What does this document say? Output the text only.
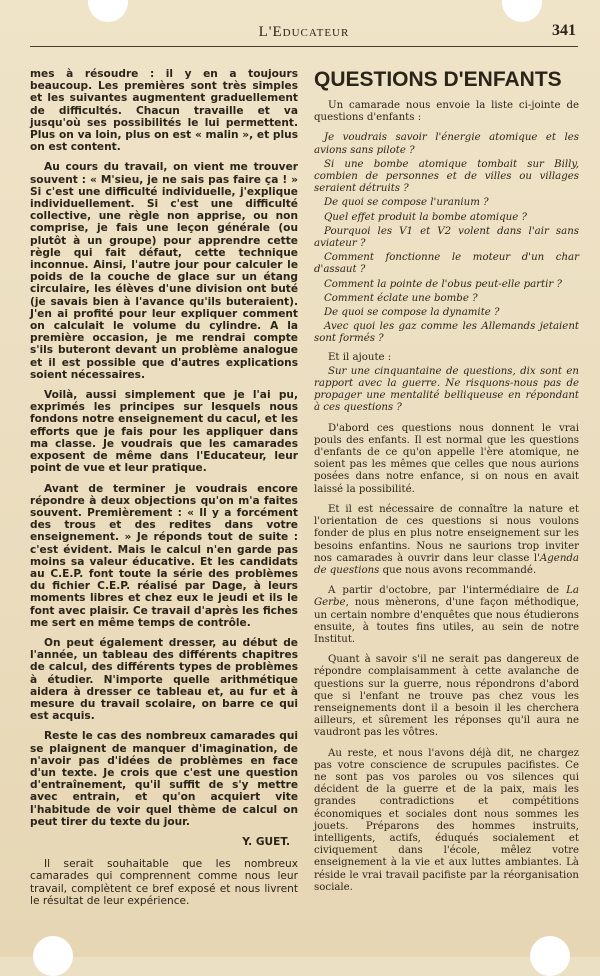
L'Educateur	341

mes à résoudre : il y en a toujours beaucoup. Les premières sont très simples et les suivantes augmentent graduellement de difficultés. Chacun travaille et va jusqu'où ses possibilités le lui permettent. Plus on va loin, plus on est « malin », et plus on est content.

Au cours du travail, on vient me trouver souvent : « M'sieu, je ne sais pas faire ça ! » Si c'est une difficulté individuelle, j'explique individuellement. Si c'est une difficulté collective, une règle non apprise, ou non comprise, je fais une leçon générale (ou plutôt à un groupe) pour apprendre cette règle qui fait défaut, cette technique inconnue. Ainsi, l'autre jour pour calculer le poids de la couche de glace sur un étang circulaire, les élèves d'une division ont buté (je savais bien à l'avance qu'ils buteraient). J'en ai profité pour leur expliquer comment on calculait le volume du cylindre. A la première occasion, je me rendrai compte s'ils buteront devant un problème analogue et il est possible que d'autres explications soient nécessaires.

Voilà, aussi simplement que je l'ai pu, exprimés les principes sur lesquels nous fondons notre enseignement du cacul, et les efforts que je fais pour les appliquer dans ma classe. Je voudrais que les camarades exposent de même dans l'Educateur, leur point de vue et leur pratique.

Avant de terminer je voudrais encore répondre à deux objections qu'on m'a faites souvent. Premièrement : « Il y a forcément des trous et des redites dans votre enseignement. » Je réponds tout de suite : c'est évident. Mais le calcul n'en garde pas moins sa valeur éducative. Et les candidats au C.E.P. font toute la série des problèmes du fichier C.E.P. réalisé par Dage, à leurs moments libres et chez eux le jeudi et ils le font avec plaisir. Ce travail d'après les fiches me sert en même temps de contrôle.

On peut également dresser, au début de l'année, un tableau des différents chapitres de calcul, des différents types de problèmes à étudier. N'importe quelle arithmétique aidera à dresser ce tableau et, au fur et à mesure du travail scolaire, on barre ce qui est acquis.

Reste le cas des nombreux camarades qui se plaignent de manquer d'imagination, de n'avoir pas d'idées de problèmes en face d'un texte. Je crois que c'est une question d'entraînement, qu'il suffit de s'y mettre avec entrain, et qu'on acquiert vite l'habitude de voir quel thème de calcul on peut tirer du texte du jour.

Y. GUET.

Il serait souhaitable que les nombreux camarades qui comprennent comme nous leur travail, complètent ce bref exposé et nous livrent le résultat de leur expérience.

QUESTIONS D'ENFANTS

Un camarade nous envoie la liste ci-jointe de questions d'enfants :

Je voudrais savoir l'énergie atomique et les avions sans pilote ?
Si une bombe atomique tombait sur Billy, combien de personnes et de villes ou villages seraient détruits ?
De quoi se compose l'uranium ?
Quel effet produit la bombe atomique ?
Pourquoi les V1 et V2 volent dans l'air sans aviateur ?
Comment fonctionne le moteur d'un char d'assaut ?
Comment la pointe de l'obus peut-elle partir ?
Comment éclate une bombe ?
De quoi se compose la dynamite ?
Avec quoi les gaz comme les Allemands jetaient sont formés ?

Et il ajoute :

Sur une cinquantaine de questions, dix sont en rapport avec la guerre. Ne risquons-nous pas de propager une mentalité belliqueuse en répondant à ces questions ?

D'abord ces questions nous donnent le vrai pouls des enfants. Il est normal que les questions d'enfants de ce qu'on appelle l'ère atomique, ne soient pas les mêmes que celles que nous aurions posées dans notre enfance, si on nous en avait laissé la possibilité.

Et il est nécessaire de connaître la nature et l'orientation de ces questions si nous voulons fonder de plus en plus notre enseignement sur les besoins enfantins. Nous ne saurions trop inviter nos camarades à ouvrir dans leur classe l'Agenda de questions que nous avons recommandé.

A partir d'octobre, par l'intermédiaire de La Gerbe, nous mènerons, d'une façon méthodique, un certain nombre d'enquêtes que nous étudierons ensuite, à toutes fins utiles, au sein de notre Institut.

Quant à savoir s'il ne serait pas dangereux de répondre complaisamment à cette avalanche de questions sur la guerre, nous répondrons d'abord que si l'enfant ne trouve pas chez vous les renseignements dont il a besoin il les cherchera ailleurs, et sûrement les réponses qu'il aura ne vaudront pas les vôtres.

Au reste, et nous l'avons déjà dit, ne chargez pas votre conscience de scrupules pacifistes. Ce ne sont pas vos paroles ou vos silences qui décident de la guerre et de la paix, mais les grandes contradictions et compétitions économiques et sociales dont nous sommes les jouets. Préparons des hommes instruits, intelligents, actifs, éduqués socialement et civiquement dans l'école, mêlez votre enseignement à la vie et aux luttes ambiantes. Là réside le vrai travail pacifiste par la réorganisation sociale.
